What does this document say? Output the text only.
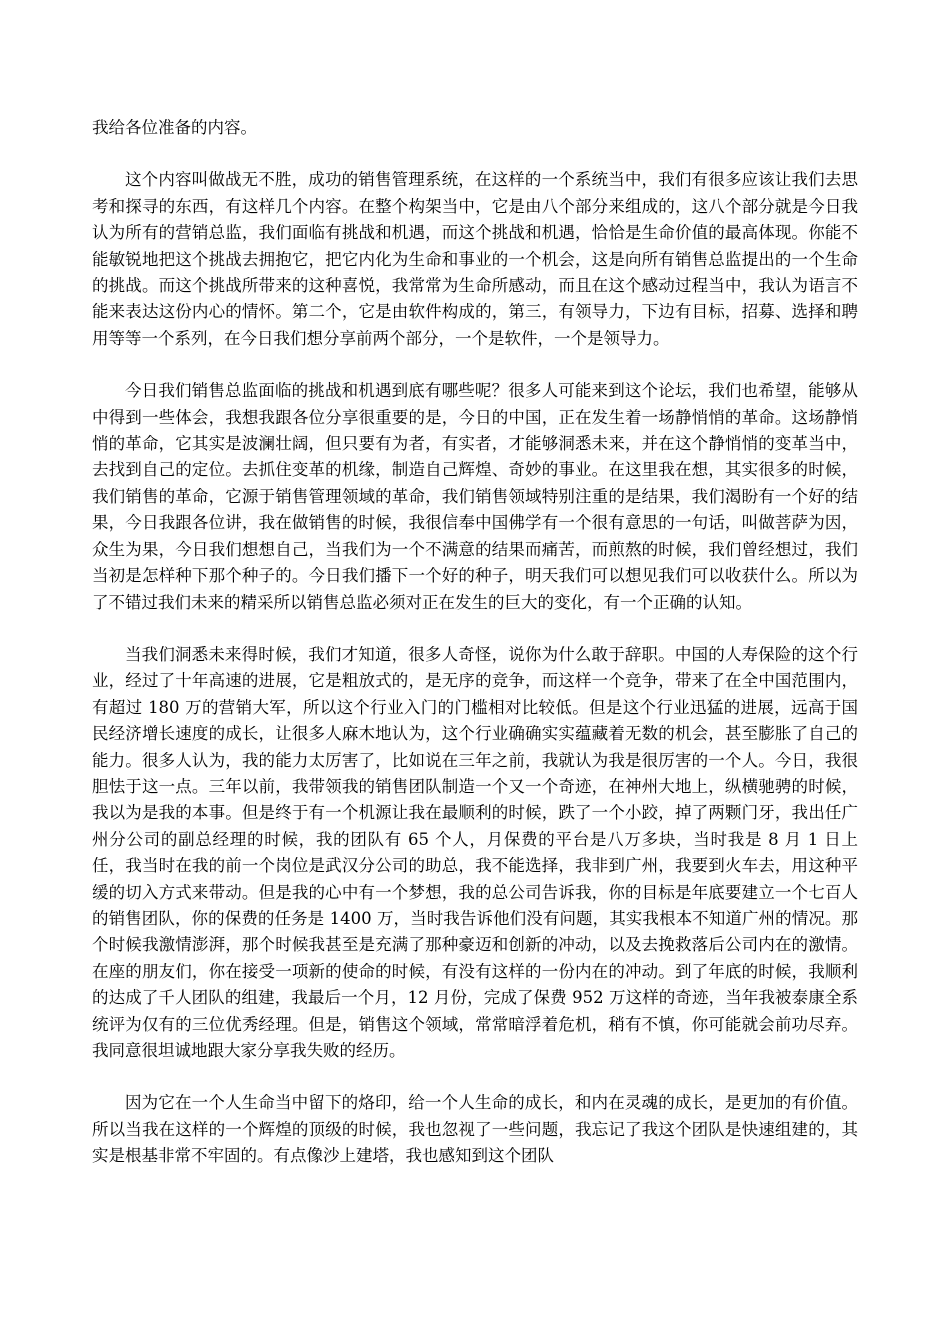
我给各位准备的内容。

这个内容叫做战无不胜，成功的销售管理系统，在这样的一个系统当中，我们有很多应该让我们去思考和探寻的东西，有这样几个内容。在整个构架当中，它是由八个部分来组成的，这八个部分就是今日我认为所有的营销总监，我们面临有挑战和机遇，而这个挑战和机遇，恰恰是生命价值的最高体现。你能不能敏锐地把这个挑战去拥抱它，把它内化为生命和事业的一个机会，这是向所有销售总监提出的一个生命的挑战。而这个挑战所带来的这种喜悦，我常常为生命所感动，而且在这个感动过程当中，我认为语言不能来表达这份内心的情怀。第二个，它是由软件构成的，第三，有领导力，下边有目标，招募、选择和聘用等等一个系列，在今日我们想分享前两个部分，一个是软件，一个是领导力。

今日我们销售总监面临的挑战和机遇到底有哪些呢？很多人可能来到这个论坛，我们也希望，能够从中得到一些体会，我想我跟各位分享很重要的是，今日的中国，正在发生着一场静悄悄的革命。这场静悄悄的革命，它其实是波澜壮阔，但只要有为者，有实者，才能够洞悉未来，并在这个静悄悄的变革当中，去找到自己的定位。去抓住变革的机缘，制造自己辉煌、奇妙的事业。在这里我在想，其实很多的时候，我们销售的革命，它源于销售管理领域的革命，我们销售领域特别注重的是结果，我们渴盼有一个好的结果，今日我跟各位讲，我在做销售的时候，我很信奉中国佛学有一个很有意思的一句话，叫做菩萨为因，众生为果，今日我们想想自己，当我们为一个不满意的结果而痛苦，而煎熬的时候，我们曾经想过，我们当初是怎样种下那个种子的。今日我们播下一个好的种子，明天我们可以想见我们可以收获什么。所以为了不错过我们未来的精采所以销售总监必须对正在发生的巨大的变化，有一个正确的认知。

当我们洞悉未来得时候，我们才知道，很多人奇怪，说你为什么敢于辞职。中国的人寿保险的这个行业，经过了十年高速的进展，它是粗放式的，是无序的竞争，而这样一个竞争，带来了在全中国范围内，有超过 180 万的营销大军，所以这个行业入门的门槛相对比较低。但是这个行业迅猛的进展，远高于国民经济增长速度的成长，让很多人麻木地认为，这个行业确确实实蕴藏着无数的机会，甚至膨胀了自己的能力。很多人认为，我的能力太厉害了，比如说在三年之前，我就认为我是很厉害的一个人。今日，我很胆怯于这一点。三年以前，我带领我的销售团队制造一个又一个奇迹，在神州大地上，纵横驰骋的时候，我以为是我的本事。但是终于有一个机源让我在最顺利的时候，跌了一个小跤，掉了两颗门牙，我出任广州分公司的副总经理的时候，我的团队有 65 个人，月保费的平台是八万多块，当时我是 8 月 1 日上任，我当时在我的前一个岗位是武汉分公司的助总，我不能选择，我非到广州，我要到火车去，用这种平缓的切入方式来带动。但是我的心中有一个梦想，我的总公司告诉我，你的目标是年底要建立一个七百人的销售团队，你的保费的任务是 1400 万，当时我告诉他们没有问题，其实我根本不知道广州的情况。那个时候我激情澎湃，那个时候我甚至是充满了那种豪迈和创新的冲动，以及去挽救落后公司内在的激情。在座的朋友们，你在接受一项新的使命的时候，有没有这样的一份内在的冲动。到了年底的时候，我顺利的达成了千人团队的组建，我最后一个月，12 月份，完成了保费 952 万这样的奇迹，当年我被泰康全系统评为仅有的三位优秀经理。但是，销售这个领域，常常暗浮着危机，稍有不慎，你可能就会前功尽弃。我同意很坦诚地跟大家分享我失败的经历。

因为它在一个人生命当中留下的烙印，给一个人生命的成长，和内在灵魂的成长，是更加的有价值。所以当我在这样的一个辉煌的顶级的时候，我也忽视了一些问题，我忘记了我这个团队是快速组建的，其实是根基非常不牢固的。有点像沙上建塔，我也感知到这个团队
